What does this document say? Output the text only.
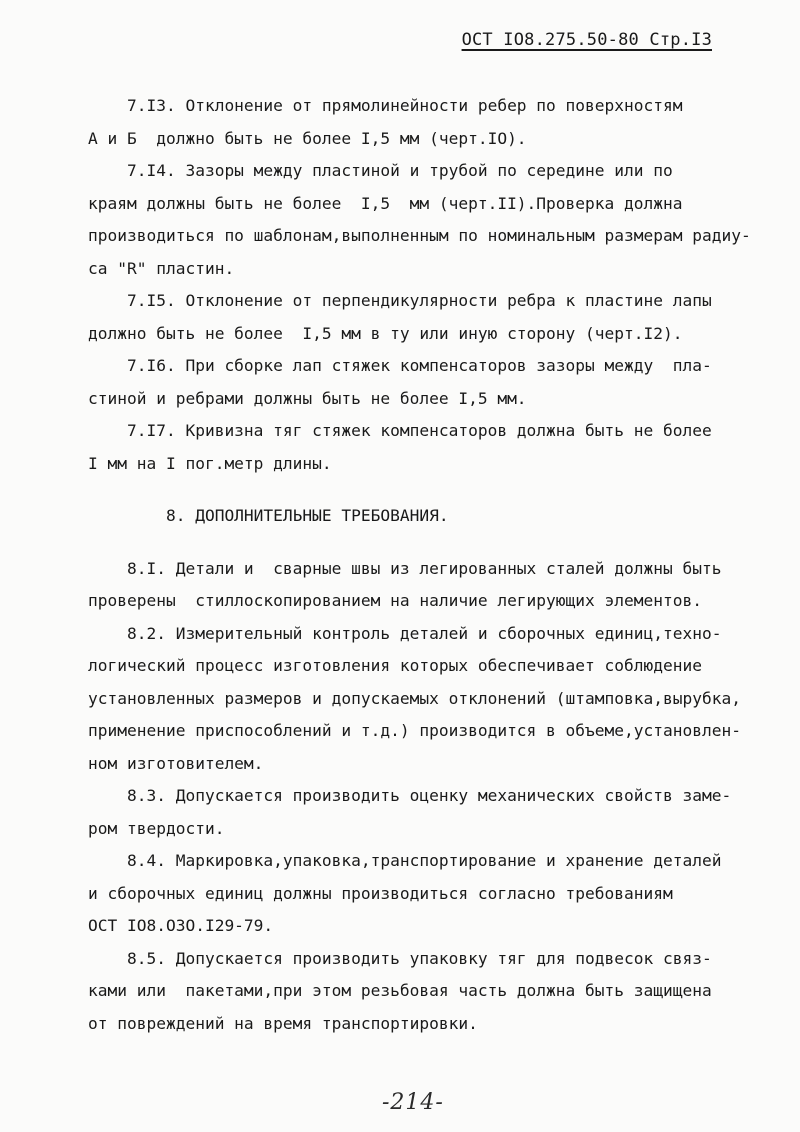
ОСТ IO8.275.50-80 Стр.I3
7.I3. Отклонение от прямолинейности ребер по поверхностям
А и Б  должно быть не более I,5 мм (черт.IO).
7.I4. Зазоры между пластиной и трубой по середине или по
краям должны быть не более  I,5  мм (черт.II).Проверка должна
производиться по шаблонам,выполненным по номинальным размерам радиу-
са "R" пластин.
7.I5. Отклонение от перпендикулярности ребра к пластине лапы
должно быть не более  I,5 мм в ту или иную сторону (черт.I2).
7.I6. При сборке лап стяжек компенсаторов зазоры между  пла-
стиной и ребрами должны быть не более I,5 мм.
7.I7. Кривизна тяг стяжек компенсаторов должна быть не более
I мм на I пог.метр длины.
8. ДОПОЛНИТЕЛЬНЫЕ ТРЕБОВАНИЯ.
8.I. Детали и  сварные швы из легированных сталей должны быть
проверены  стиллоскопированием на наличие легирующих элементов.
8.2. Измерительный контроль деталей и сборочных единиц,техно-
логический процесс изготовления которых обеспечивает соблюдение
установленных размеров и допускаемых отклонений (штамповка,вырубка,
применение приспособлений и т.д.) производится в объеме,установлен-
ном изготовителем.
8.3. Допускается производить оценку механических свойств заме-
ром твердости.
8.4. Маркировка,упаковка,транспортирование и хранение деталей
и сборочных единиц должны производиться согласно требованиям
ОСТ IO8.O3O.I29-79.
8.5. Допускается производить упаковку тяг для подвесок связ-
ками или  пакетами,при этом резьбовая часть должна быть защищена
от повреждений на время транспортировки.
-214-
